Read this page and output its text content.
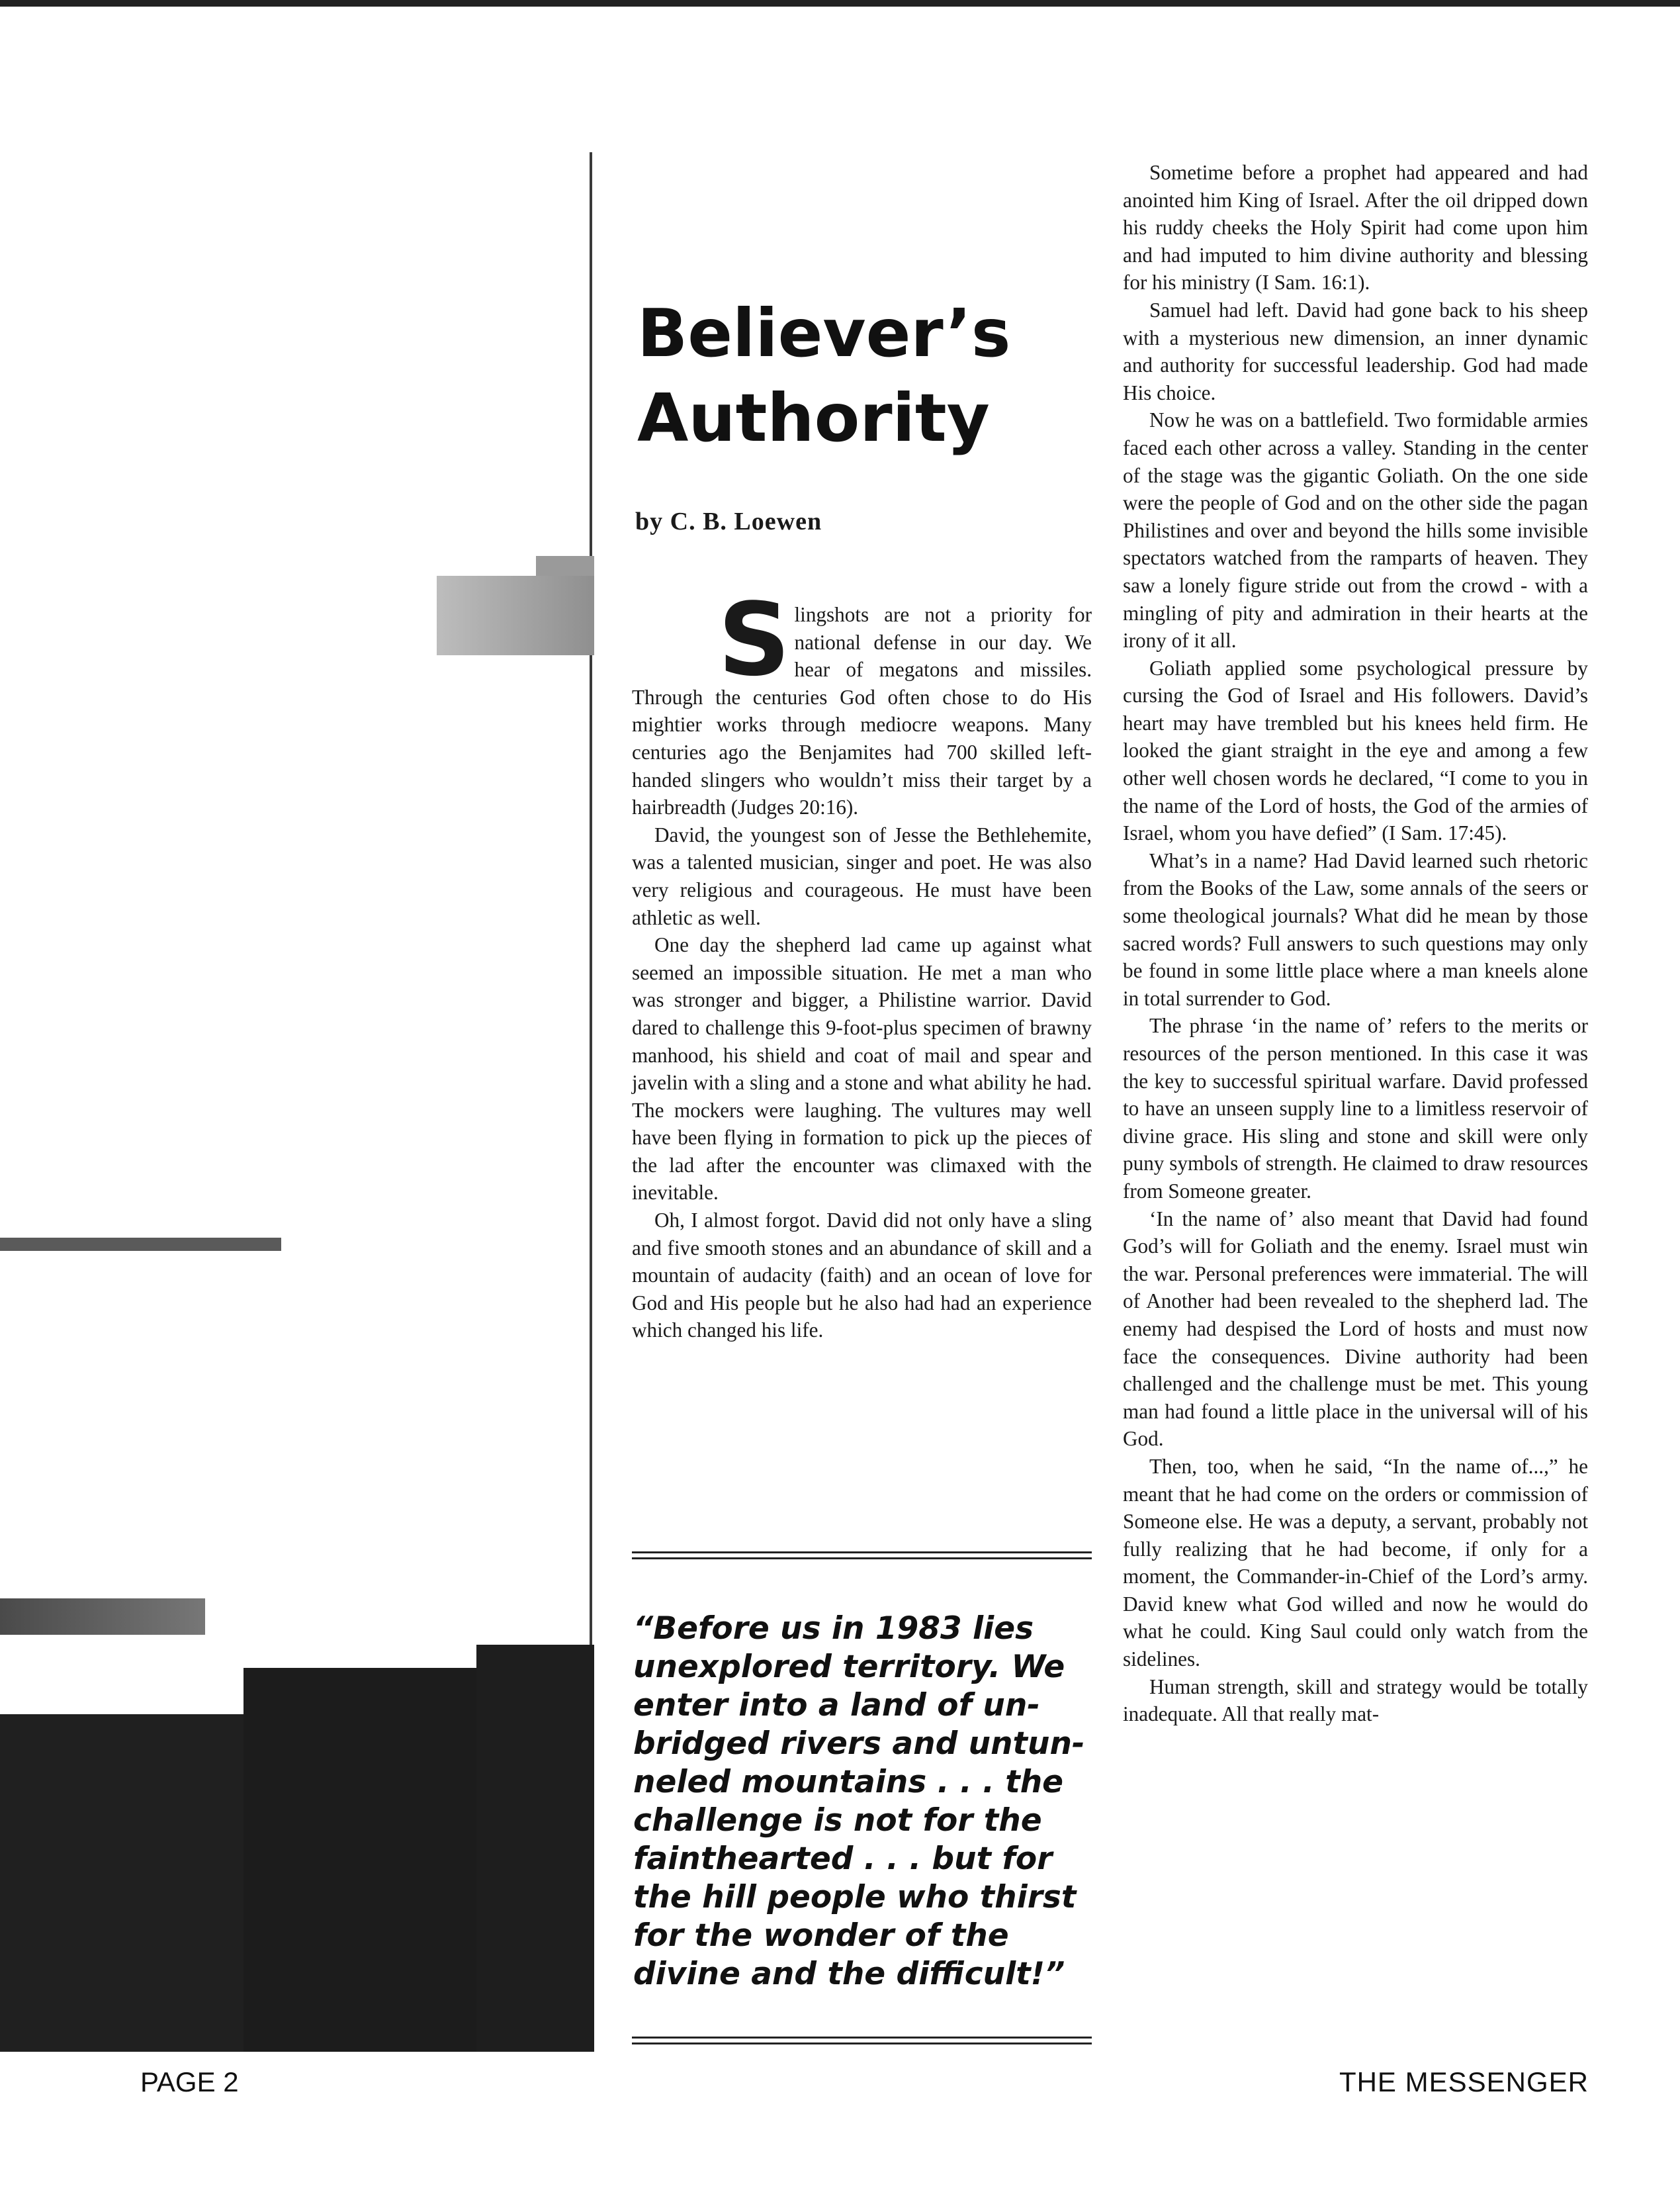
Believer’s
Authority
by C. B. Loewen

Slingshots are not a priority for national defense in our day. We hear of megatons and missiles. Through the centuries God often chose to do His mightier works through mediocre weapons. Many centuries ago the Benjamites had 700 skilled left-handed slingers who wouldn’t miss their target by a hairbreadth (Judges 20:16).

David, the youngest son of Jesse the Bethlehemite, was a talented musician, singer and poet. He was also very religious and courageous. He must have been athletic as well.

One day the shepherd lad came up against what seemed an impossible situation. He met a man who was stronger and bigger, a Philistine warrior. David dared to challenge this 9-foot-plus specimen of brawny manhood, his shield and coat of mail and spear and javelin with a sling and a stone and what ability he had. The mockers were laughing. The vultures may well have been flying in formation to pick up the pieces of the lad after the encounter was climaxed with the inevitable.

Oh, I almost forgot. David did not only have a sling and five smooth stones and an abundance of skill and a mountain of audacity (faith) and an ocean of love for God and His people but he also had had an experience which changed his life.

“Before us in 1983 lies
unexplored territory. We
enter into a land of un-
bridged rivers and untun-
neled mountains . . . the
challenge is not for the
fainthearted . . . but for
the hill people who thirst
for the wonder of the
divine and the difficult!”

Sometime before a prophet had appeared and had anointed him King of Israel. After the oil dripped down his ruddy cheeks the Holy Spirit had come upon him and had imputed to him divine authority and blessing for his ministry (I Sam. 16:1).

Samuel had left. David had gone back to his sheep with a mysterious new dimension, an inner dynamic and authority for successful leadership. God had made His choice.

Now he was on a battlefield. Two formidable armies faced each other across a valley. Standing in the center of the stage was the gigantic Goliath. On the one side were the people of God and on the other side the pagan Philistines and over and beyond the hills some invisible spectators watched from the ramparts of heaven. They saw a lonely figure stride out from the crowd - with a mingling of pity and admiration in their hearts at the irony of it all.

Goliath applied some psychological pressure by cursing the God of Israel and His followers. David’s heart may have trembled but his knees held firm. He looked the giant straight in the eye and among a few other well chosen words he declared, “I come to you in the name of the Lord of hosts, the God of the armies of Israel, whom you have defied” (I Sam. 17:45).

What’s in a name? Had David learned such rhetoric from the Books of the Law, some annals of the seers or some theological journals? What did he mean by those sacred words? Full answers to such questions may only be found in some little place where a man kneels alone in total surrender to God.

The phrase ‘in the name of’ refers to the merits or resources of the person mentioned. In this case it was the key to successful spiritual warfare. David professed to have an unseen supply line to a limitless reservoir of divine grace. His sling and stone and skill were only puny symbols of strength. He claimed to draw resources from Someone greater.

‘In the name of’ also meant that David had found God’s will for Goliath and the enemy. Israel must win the war. Personal preferences were immaterial. The will of Another had been revealed to the shepherd lad. The enemy had despised the Lord of hosts and must now face the consequences. Divine authority had been challenged and the challenge must be met. This young man had found a little place in the universal will of his God.

Then, too, when he said, “In the name of...,” he meant that he had come on the orders or commission of Someone else. He was a deputy, a servant, probably not fully realizing that he had become, if only for a moment, the Commander-in-Chief of the Lord’s army. David knew what God willed and now he would do what he could. King Saul could only watch from the sidelines.

Human strength, skill and strategy would be totally inadequate. All that really mat-

PAGE 2	THE MESSENGER
